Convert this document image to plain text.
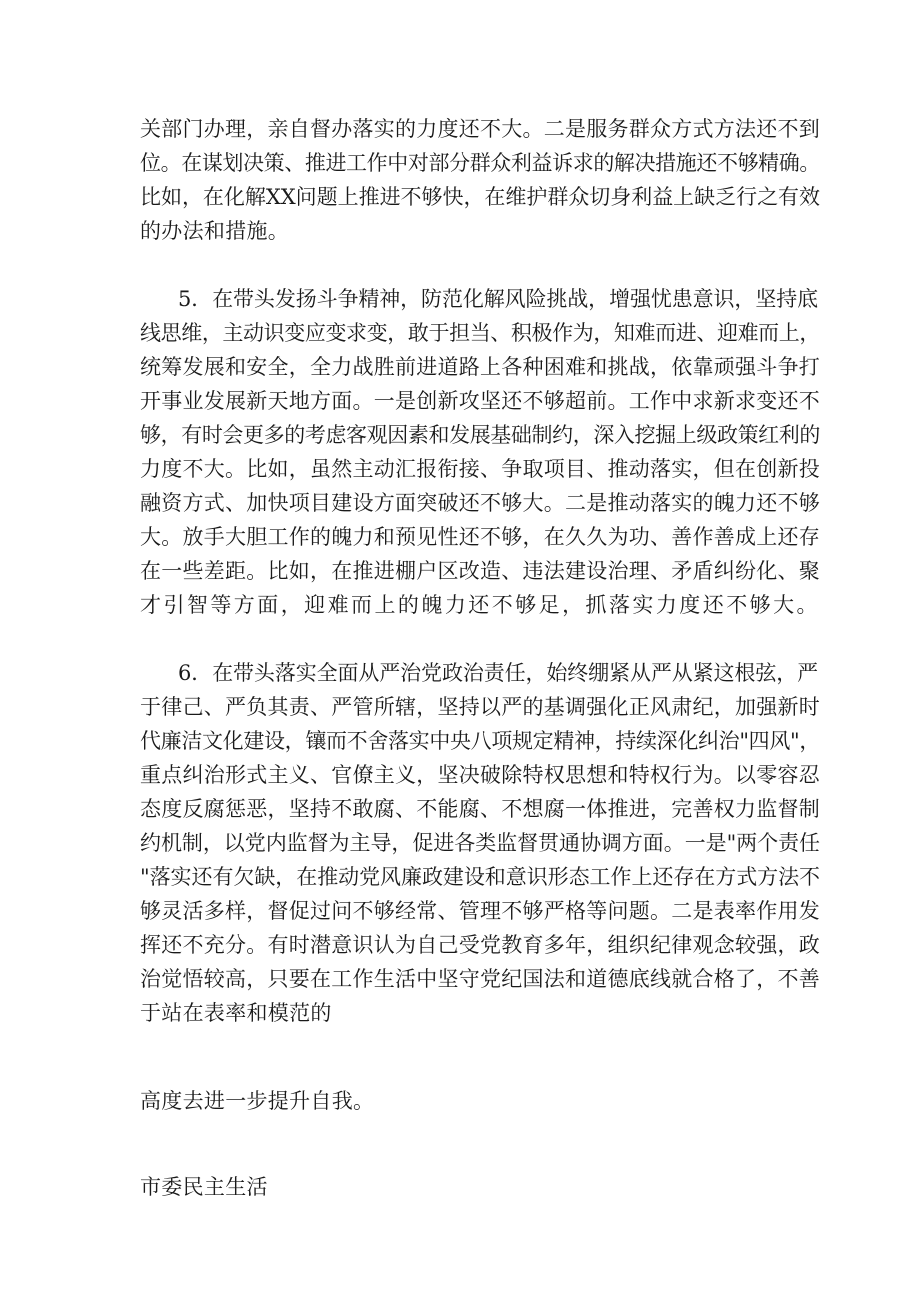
关部门办理，亲自督办落实的力度还不大。二是服务群众方式方法还不到
位。在谋划决策、推进工作中对部分群众利益诉求的解决措施还不够精确。
比如，在化解XX问题上推进不够快，在维护群众切身利益上缺乏行之有效
的办法和措施。
5．在带头发扬斗争精神，防范化解风险挑战，增强忧患意识，坚持底
线思维，主动识变应变求变，敢于担当、积极作为，知难而进、迎难而上，
统筹发展和安全，全力战胜前进道路上各种困难和挑战，依靠顽强斗争打
开事业发展新天地方面。一是创新攻坚还不够超前。工作中求新求变还不
够，有时会更多的考虑客观因素和发展基础制约，深入挖掘上级政策红利的
力度不大。比如，虽然主动汇报衔接、争取项目、推动落实，但在创新投
融资方式、加快项目建设方面突破还不够大。二是推动落实的魄力还不够
大。放手大胆工作的魄力和预见性还不够，在久久为功、善作善成上还存
在一些差距。比如，在推进棚户区改造、违法建设治理、矛盾纠纷化、聚
才引智等方面，迎难而上的魄力还不够足，抓落实力度还不够大。
6．在带头落实全面从严治党政治责任，始终绷紧从严从紧这根弦，严
于律己、严负其责、严管所辖，坚持以严的基调强化正风肃纪，加强新时
代廉洁文化建设，镶而不舍落实中央八项规定精神，持续深化纠治"四风"，
重点纠治形式主义、官僚主义，坚决破除特权思想和特权行为。以零容忍
态度反腐惩恶，坚持不敢腐、不能腐、不想腐一体推进，完善权力监督制
约机制，以党内监督为主导，促进各类监督贯通协调方面。一是"两个责任
"落实还有欠缺，在推动党风廉政建设和意识形态工作上还存在方式方法不
够灵活多样，督促过问不够经常、管理不够严格等问题。二是表率作用发
挥还不充分。有时潜意识认为自己受党教育多年，组织纪律观念较强，政
治觉悟较高，只要在工作生活中坚守党纪国法和道德底线就合格了，不善
于站在表率和模范的
高度去进一步提升自我。
市委民主生活
